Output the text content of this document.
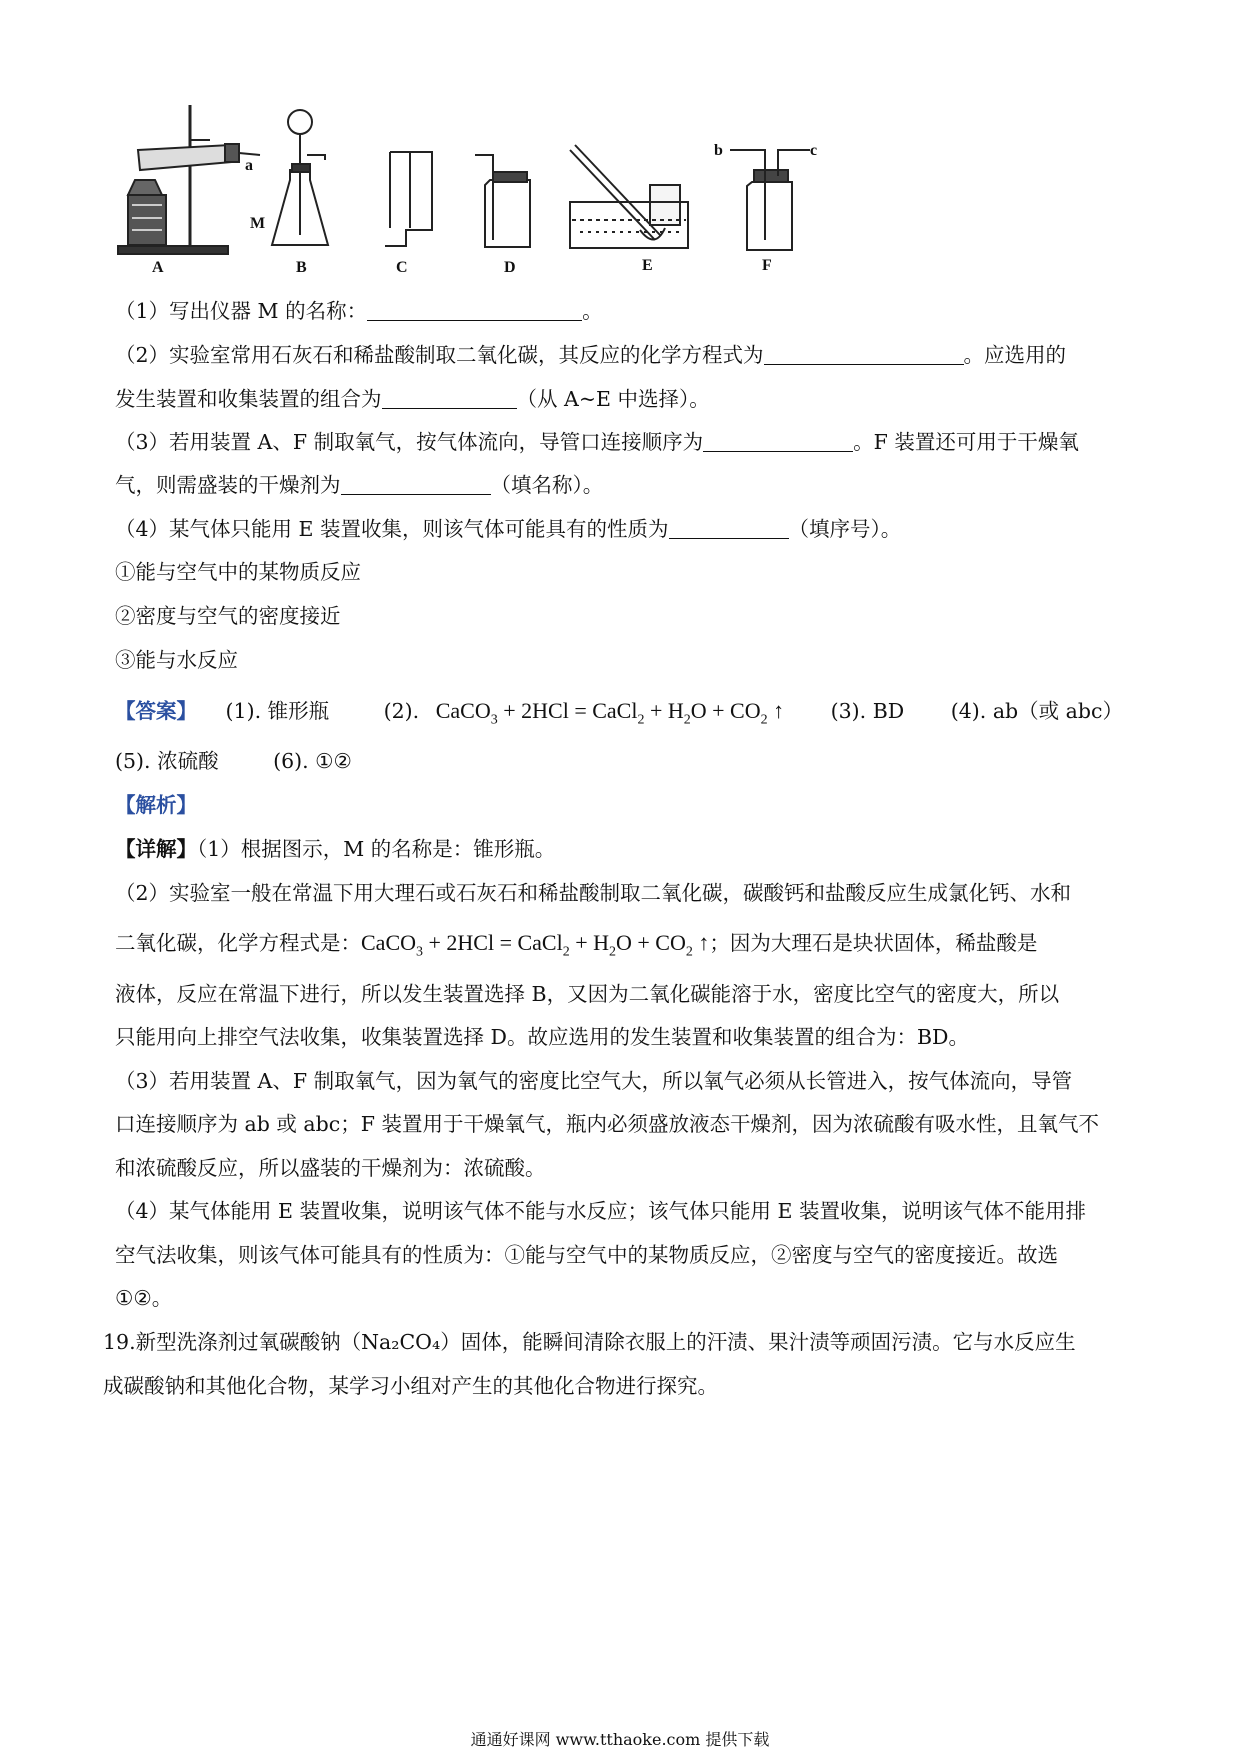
A	B	C	D	E	F
a
M
b	c
（1）写出仪器 M 的名称：	。
（2）实验室常用石灰石和稀盐酸制取二氧化碳，其反应的化学方程式为	。应选用的
发生装置和收集装置的组合为	（从 A~E 中选择）。
（3）若用装置 A、F 制取氧气，按气体流向，导管口连接顺序为	。F 装置还可用于干燥氧
气，则需盛装的干燥剂为	（填名称）。
（4）某气体只能用 E 装置收集，则该气体可能具有的性质为	（填序号）。
①能与空气中的某物质反应
②密度与空气的密度接近
③能与水反应
【答案】 (1). 锥形瓶	(2). CaCO$_3$ + 2HCl = CaCl$_2$ + $H_2O + CO_2$ ↑ (3). BD (4). ab（或 abc）
(5). 浓硫酸	(6). ①②
【解析】
【详解】（1）根据图示，M 的名称是：锥形瓶。
（2）实验室一般在常温下用大理石或石灰石和稀盐酸制取二氧化碳，碳酸钙和盐酸反应生成氯化钙、水和
二氧化碳，化学方程式是：CaCO$_3$ + 2HCl = CaCl$_2$ + $H_2O + CO_2$ ↑；因为大理石是块状固体，稀盐酸是
液体，反应在常温下进行，所以发生装置选择 B，又因为二氧化碳能溶于水，密度比空气的密度大，所以
只能用向上排空气法收集，收集装置选择 D。故应选用的发生装置和收集装置的组合为：BD。
（3）若用装置 A、F 制取氧气，因为氧气的密度比空气大，所以氧气必须从长管进入，按气体流向，导管
口连接顺序为 ab 或 abc；F 装置用于干燥氧气，瓶内必须盛放液态干燥剂，因为浓硫酸有吸水性，且氧气不
和浓硫酸反应，所以盛装的干燥剂为：浓硫酸。
（4）某气体能用 E 装置收集，说明该气体不能与水反应；该气体只能用 E 装置收集，说明该气体不能用排
空气法收集，则该气体可能具有的性质为：①能与空气中的某物质反应，②密度与空气的密度接近。故选
①②。
19.新型洗涤剂过氧碳酸钠（Na₂CO₄）固体，能瞬间清除衣服上的汗渍、果汁渍等顽固污渍。它与水反应生
成碳酸钠和其他化合物，某学习小组对产生的其他化合物进行探究。
通通好课网 www.tthaoke.com 提供下载
